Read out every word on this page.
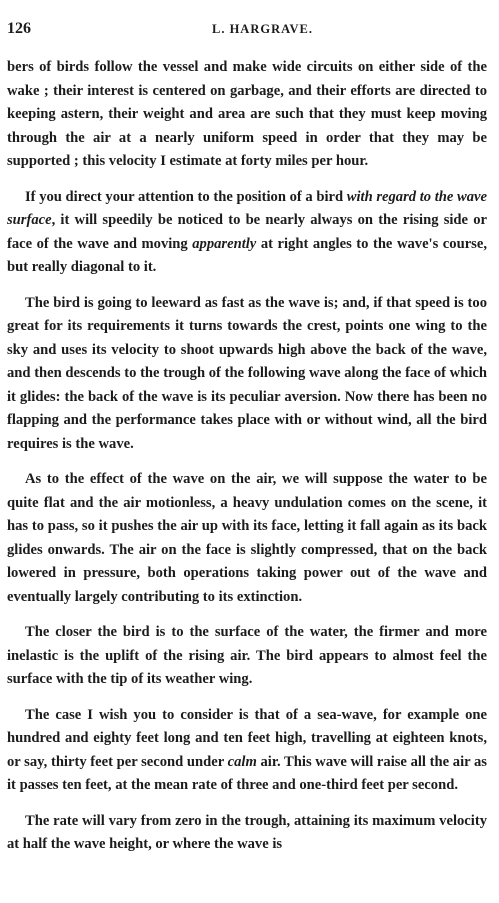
126	L. HARGRAVE.

bers of birds follow the vessel and make wide circuits on either side of the wake ; their interest is centered on garbage, and their efforts are directed to keeping astern, their weight and area are such that they must keep moving through the air at a nearly uniform speed in order that they may be supported ; this velocity I estimate at forty miles per hour.

If you direct your attention to the position of a bird with regard to the wave surface, it will speedily be noticed to be nearly always on the rising side or face of the wave and moving apparently at right angles to the wave's course, but really diagonal to it.

The bird is going to leeward as fast as the wave is; and, if that speed is too great for its requirements it turns towards the crest, points one wing to the sky and uses its velocity to shoot upwards high above the back of the wave, and then descends to the trough of the following wave along the face of which it glides: the back of the wave is its peculiar aversion. Now there has been no flapping and the performance takes place with or without wind, all the bird requires is the wave.

As to the effect of the wave on the air, we will suppose the water to be quite flat and the air motionless, a heavy undulation comes on the scene, it has to pass, so it pushes the air up with its face, letting it fall again as its back glides onwards. The air on the face is slightly compressed, that on the back lowered in pressure, both operations taking power out of the wave and eventually largely contributing to its extinction.

The closer the bird is to the surface of the water, the firmer and more inelastic is the uplift of the rising air. The bird appears to almost feel the surface with the tip of its weather wing.

The case I wish you to consider is that of a sea-wave, for example one hundred and eighty feet long and ten feet high, travelling at eighteen knots, or say, thirty feet per second under calm air. This wave will raise all the air as it passes ten feet, at the mean rate of three and one-third feet per second.

The rate will vary from zero in the trough, attaining its maximum velocity at half the wave height, or where the wave is
